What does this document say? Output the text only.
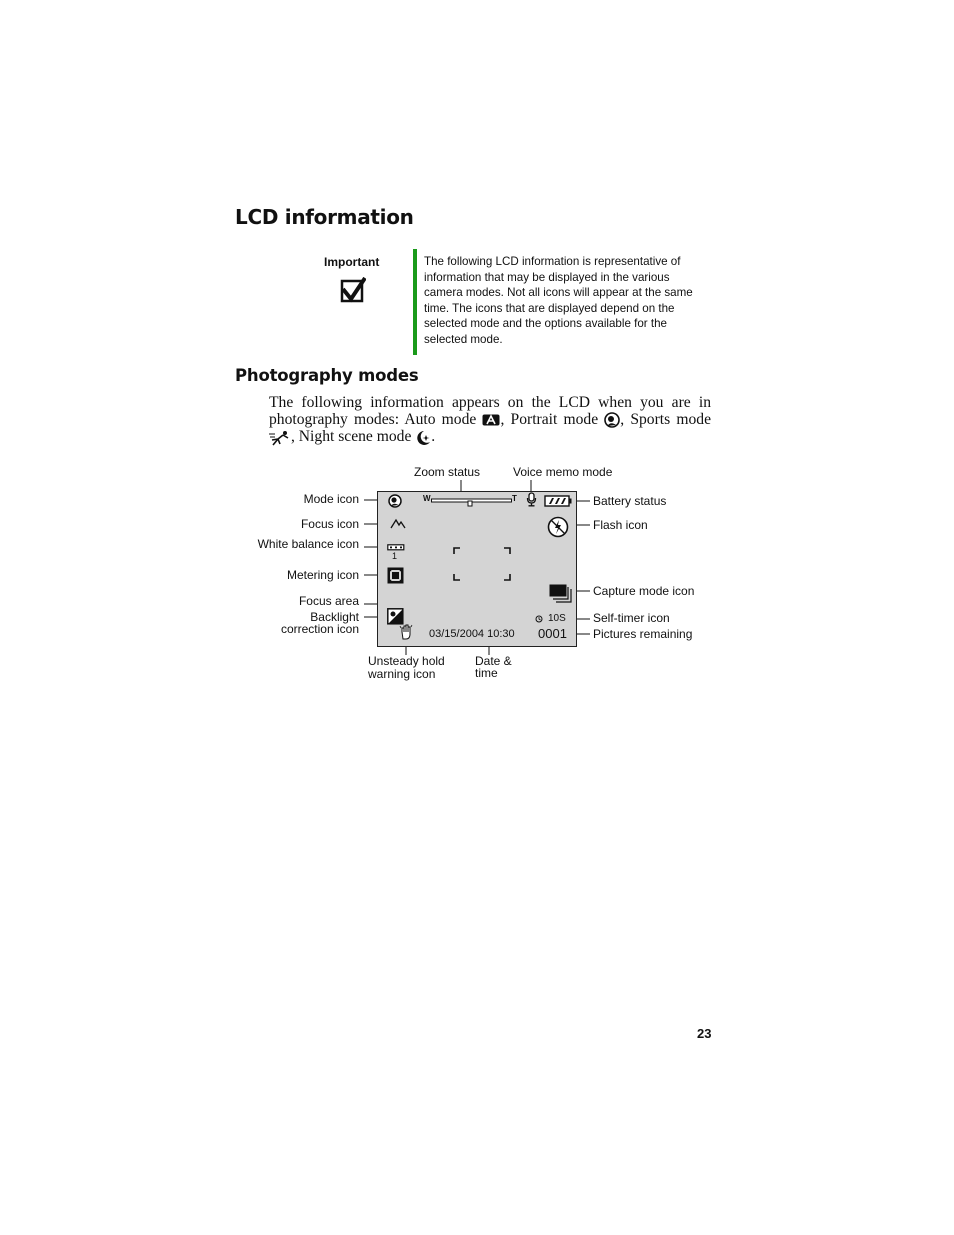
LCD information
Important	The following LCD information is representative of information that may be displayed in the various camera modes. Not all icons will appear at the same time. The icons that are displayed depend on the selected mode and the options available for the selected mode.
Photography modes
The following information appears on the LCD when you are in photography modes: Auto mode , Portrait mode , Sports mode , Night scene mode .
Zoom status	Voice memo mode
Mode icon	Battery status
Focus icon	Flash icon
White balance icon
Metering icon
Capture mode icon
Focus area
Backlight
correction icon
Self-timer icon
Pictures remaining
Unsteady hold
warning icon
Date &
time
W	T
1
10S
03/15/2004 10:30 0001
23
